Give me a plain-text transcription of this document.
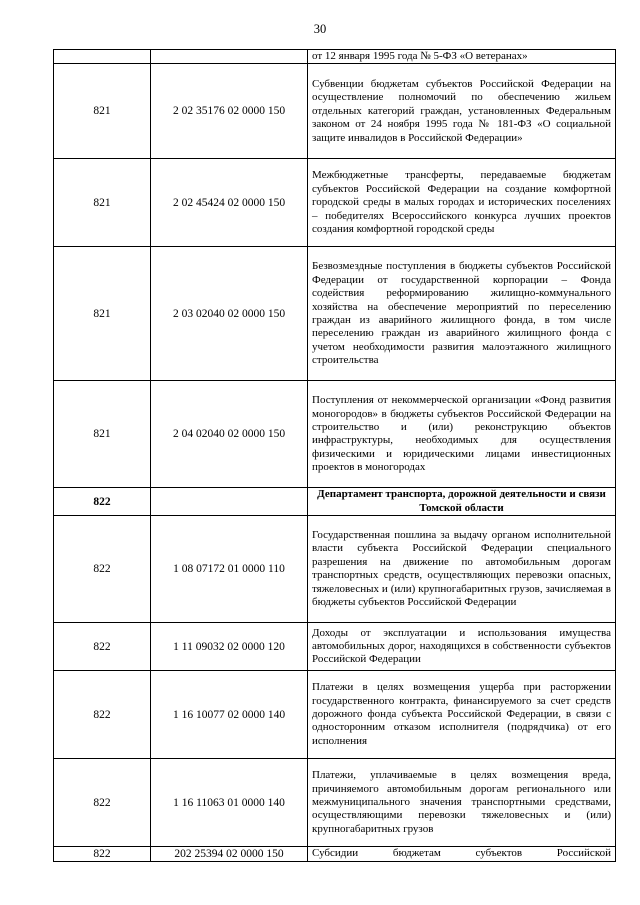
30
		от 12 января 1995 года № 5-ФЗ «О ветеранах»
821	2 02 35176 02 0000 150	Субвенции бюджетам субъектов Российской Федерации на осуществление полномочий по обеспечению жильем отдельных категорий граждан, установленных Федеральным законом от 24 ноября 1995 года № 181-ФЗ «О социальной защите инвалидов в Российской Федерации»
821	2 02 45424 02 0000 150	Межбюджетные трансферты, передаваемые бюджетам субъектов Российской Федерации на создание комфортной городской среды в малых городах и исторических поселениях – победителях Всероссийского конкурса лучших проектов создания комфортной городской среды
821	2 03 02040 02 0000 150	Безвозмездные поступления в бюджеты субъектов Российской Федерации от государственной корпорации – Фонда содействия реформированию жилищно-коммунального хозяйства на обеспечение мероприятий по переселению граждан из аварийного жилищного фонда, в том числе переселению граждан из аварийного жилищного фонда с учетом необходимости развития малоэтажного жилищного строительства
821	2 04 02040 02 0000 150	Поступления от некоммерческой организации «Фонд развития моногородов» в бюджеты субъектов Российской Федерации на строительство и (или) реконструкцию объектов инфраструктуры, необходимых для осуществления физическими и юридическими лицами инвестиционных проектов в моногородах
822		Департамент транспорта, дорожной деятельности и связи Томской области
822	1 08 07172 01 0000 110	Государственная пошлина за выдачу органом исполнительной власти субъекта Российской Федерации специального разрешения на движение по автомобильным дорогам транспортных средств, осуществляющих перевозки опасных, тяжеловесных и (или) крупногабаритных грузов, зачисляемая в бюджеты субъектов Российской Федерации
822	1 11 09032 02 0000 120	Доходы от эксплуатации и использования имущества автомобильных дорог, находящихся в собственности субъектов Российской Федерации
822	1 16 10077 02 0000 140	Платежи в целях возмещения ущерба при расторжении государственного контракта, финансируемого за счет средств дорожного фонда субъекта Российской Федерации, в связи с односторонним отказом исполнителя (подрядчика) от его исполнения
822	1 16 11063 01 0000 140	Платежи, уплачиваемые в целях возмещения вреда, причиняемого автомобильным дорогам регионального или межмуниципального значения транспортными средствами, осуществляющими перевозки тяжеловесных и (или) крупногабаритных грузов
822	202 25394 02 0000 150	Субсидии бюджетам субъектов Российской
